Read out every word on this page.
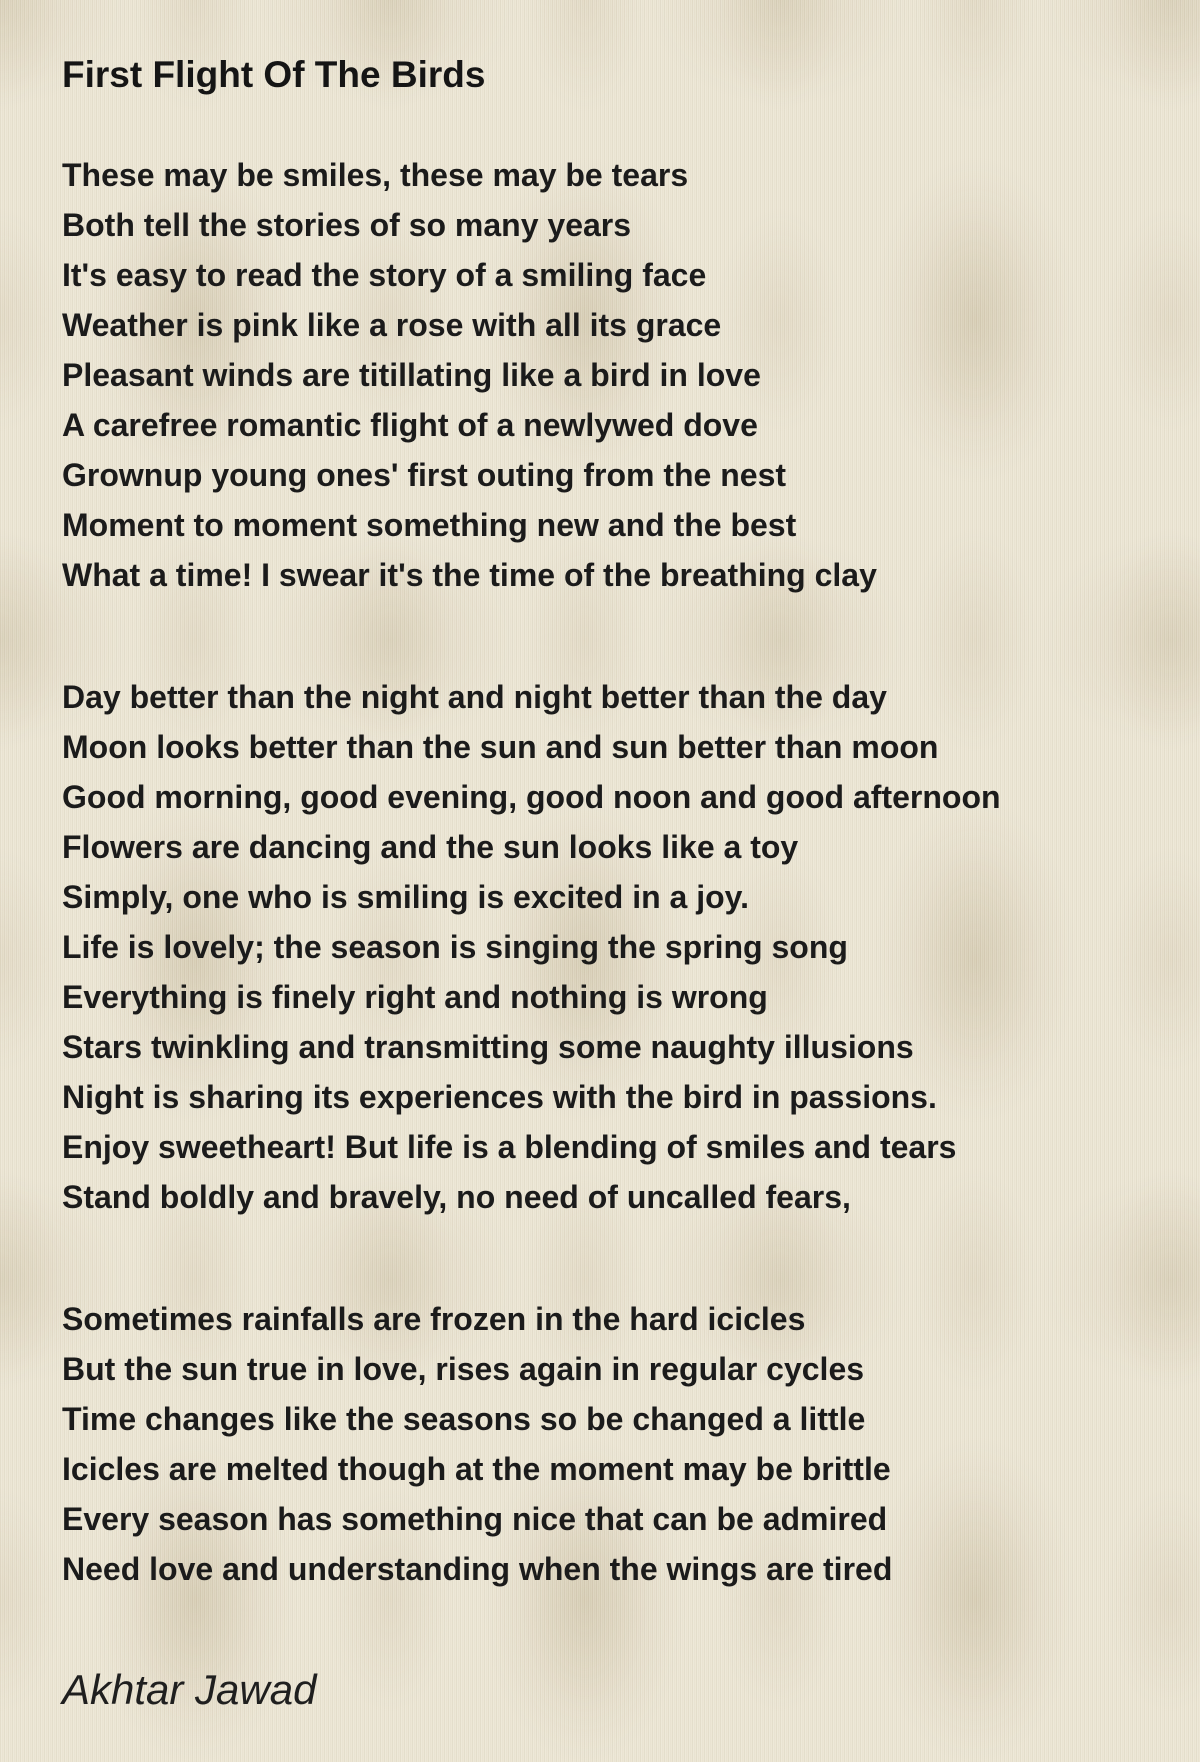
First Flight Of The Birds
These may be smiles, these may be tears
Both tell the stories of so many years
It's easy to read the story of a smiling face
Weather is pink like a rose with all its grace
Pleasant winds are titillating like a bird in love
A carefree romantic flight of a newlywed dove
Grownup young ones' first outing from the nest
Moment to moment something new and the best
What a time! I swear it's the time of the breathing clay
Day better than the night and night better than the day
Moon looks better than the sun and sun better than moon
Good morning, good evening, good noon and good afternoon
Flowers are dancing and the sun looks like a toy
Simply, one who is smiling is excited in a joy.
Life is lovely; the season is singing the spring song
Everything is finely right and nothing is wrong
Stars twinkling and transmitting some naughty illusions
Night is sharing its experiences with the bird in passions.
Enjoy sweetheart! But life is a blending of smiles and tears
Stand boldly and bravely, no need of uncalled fears,
Sometimes rainfalls are frozen in the hard icicles
But the sun true in love, rises again in regular cycles
Time changes like the seasons so be changed a little
Icicles are melted though at the moment may be brittle
Every season has something nice that can be admired
Need love and understanding when the wings are tired
Akhtar Jawad
